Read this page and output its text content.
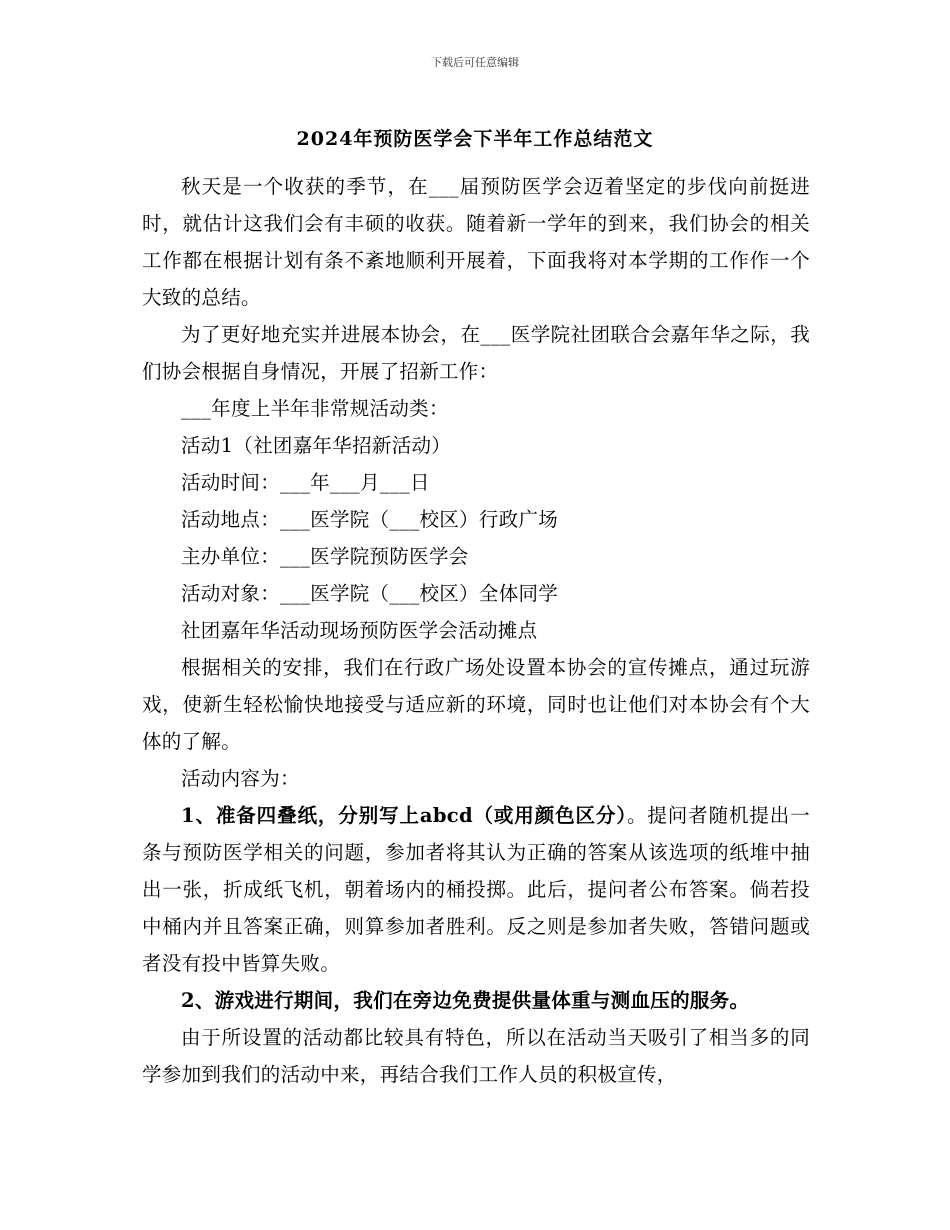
下载后可任意编辑
2024年预防医学会下半年工作总结范文

秋天是一个收获的季节，在___届预防医学会迈着坚定的步伐向前挺进时，就估计这我们会有丰硕的收获。随着新一学年的到来，我们协会的相关工作都在根据计划有条不紊地顺利开展着，下面我将对本学期的工作作一个大致的总结。

为了更好地充实并进展本协会，在___医学院社团联合会嘉年华之际，我们协会根据自身情况，开展了招新工作：

___年度上半年非常规活动类：

活动1（社团嘉年华招新活动）

活动时间：___年___月___日

活动地点：___医学院（___校区）行政广场

主办单位：___医学院预防医学会

活动对象：___医学院（___校区）全体同学

社团嘉年华活动现场预防医学会活动摊点

根据相关的安排，我们在行政广场处设置本协会的宣传摊点，通过玩游戏，使新生轻松愉快地接受与适应新的环境，同时也让他们对本协会有个大体的了解。

活动内容为：

1、准备四叠纸，分别写上abcd（或用颜色区分）。提问者随机提出一条与预防医学相关的问题，参加者将其认为正确的答案从该选项的纸堆中抽出一张，折成纸飞机，朝着场内的桶投掷。此后，提问者公布答案。倘若投中桶内并且答案正确，则算参加者胜利。反之则是参加者失败，答错问题或者没有投中皆算失败。

2、游戏进行期间，我们在旁边免费提供量体重与测血压的服务。

由于所设置的活动都比较具有特色，所以在活动当天吸引了相当多的同学参加到我们的活动中来，再结合我们工作人员的积极宣传，
